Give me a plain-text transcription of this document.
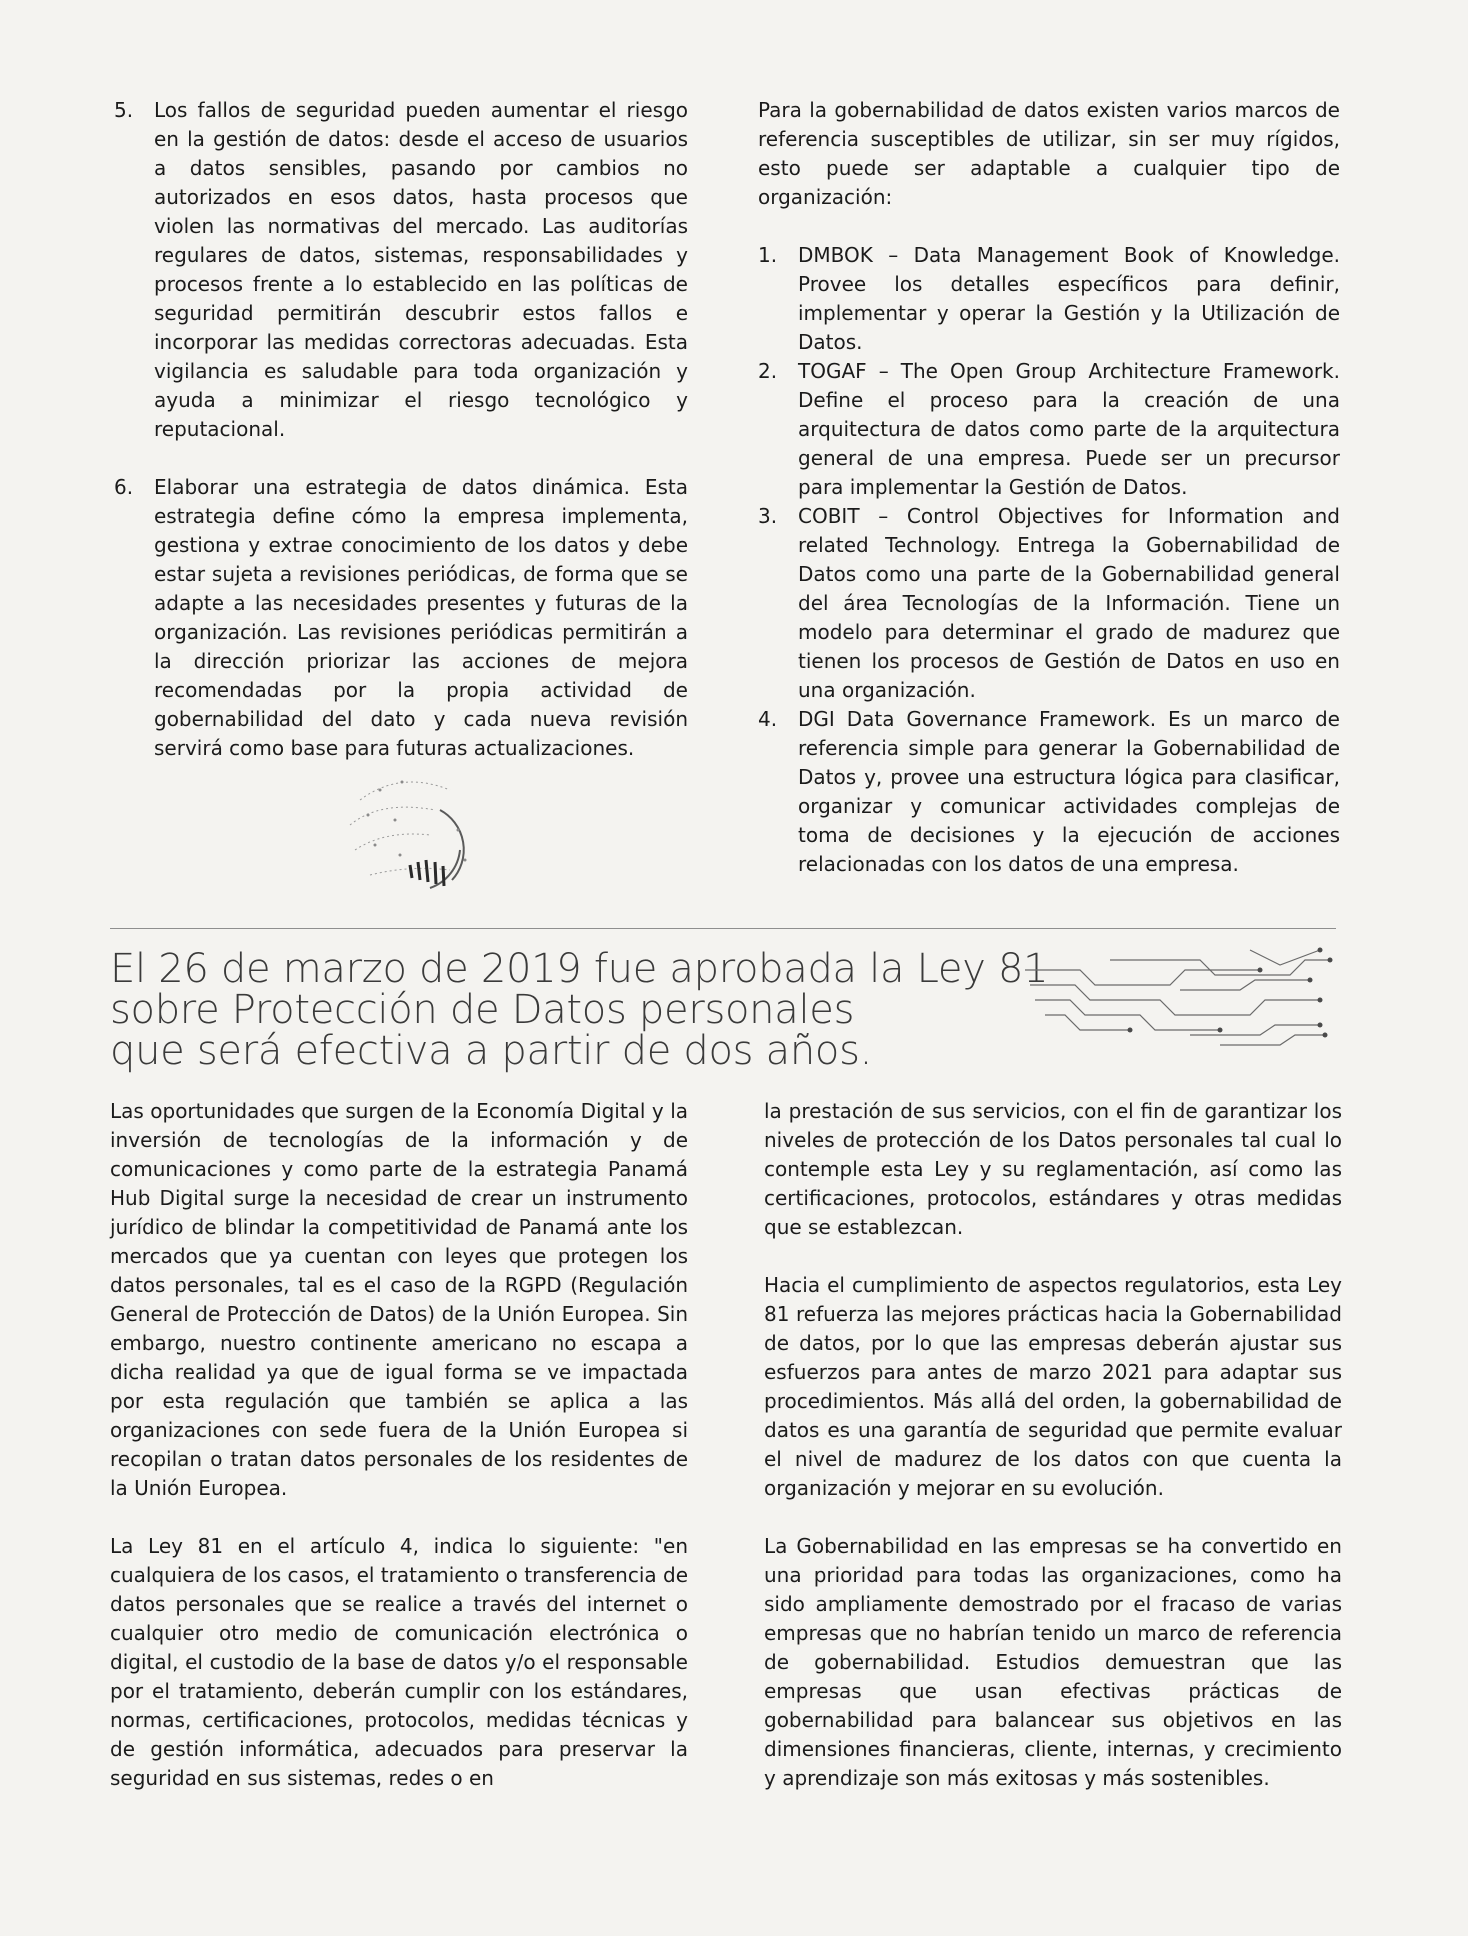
5. Los fallos de seguridad pueden aumentar el riesgo en la gestión de datos: desde el acceso de usuarios a datos sensibles, pasando por cambios no autorizados en esos datos, hasta procesos que violen las normativas del mercado. Las auditorías regulares de datos, sistemas, responsabilidades y procesos frente a lo establecido en las políticas de seguridad permitirán descubrir estos fallos e incorporar las medidas correctoras adecuadas. Esta vigilancia es saludable para toda organización y ayuda a minimizar el riesgo tecnológico y reputacional.
6. Elaborar una estrategia de datos dinámica. Esta estrategia define cómo la empresa implementa, gestiona y extrae conocimiento de los datos y debe estar sujeta a revisiones periódicas, de forma que se adapte a las necesidades presentes y futuras de la organización. Las revisiones periódicas permitirán a la dirección priorizar las acciones de mejora recomendadas por la propia actividad de gobernabilidad del dato y cada nueva revisión servirá como base para futuras actualizaciones.
Para la gobernabilidad de datos existen varios marcos de referencia susceptibles de utilizar, sin ser muy rígidos, esto puede ser adaptable a cualquier tipo de organización:
1. DMBOK – Data Management Book of Knowledge. Provee los detalles específicos para definir, implementar y operar la Gestión y la Utilización de Datos.
2. TOGAF – The Open Group Architecture Framework. Define el proceso para la creación de una arquitectura de datos como parte de la arquitectura general de una empresa. Puede ser un precursor para implementar la Gestión de Datos.
3. COBIT – Control Objectives for Information and related Technology. Entrega la Gobernabilidad de Datos como una parte de la Gobernabilidad general del área Tecnologías de la Información. Tiene un modelo para determinar el grado de madurez que tienen los procesos de Gestión de Datos en uso en una organización.
4. DGI Data Governance Framework. Es un marco de referencia simple para generar la Gobernabilidad de Datos y, provee una estructura lógica para clasificar, organizar y comunicar actividades complejas de toma de decisiones y la ejecución de acciones relacionadas con los datos de una empresa.
El 26 de marzo de 2019 fue aprobada la Ley 81
sobre Protección de Datos personales
que será efectiva a partir de dos años.
Las oportunidades que surgen de la Economía Digital y la inversión de tecnologías de la información y de comunicaciones y como parte de la estrategia Panamá Hub Digital surge la necesidad de crear un instrumento jurídico de blindar la competitividad de Panamá ante los mercados que ya cuentan con leyes que protegen los datos personales, tal es el caso de la RGPD (Regulación General de Protección de Datos) de la Unión Europea. Sin embargo, nuestro continente americano no escapa a dicha realidad ya que de igual forma se ve impactada por esta regulación que también se aplica a las organizaciones con sede fuera de la Unión Europea si recopilan o tratan datos personales de los residentes de la Unión Europea.
La Ley 81 en el artículo 4, indica lo siguiente: "en cualquiera de los casos, el tratamiento o transferencia de datos personales que se realice a través del internet o cualquier otro medio de comunicación electrónica o digital, el custodio de la base de datos y/o el responsable por el tratamiento, deberán cumplir con los estándares, normas, certificaciones, protocolos, medidas técnicas y de gestión informática, adecuados para preservar la seguridad en sus sistemas, redes o en
la prestación de sus servicios, con el fin de garantizar los niveles de protección de los Datos personales tal cual lo contemple esta Ley y su reglamentación, así como las certificaciones, protocolos, estándares y otras medidas que se establezcan.
Hacia el cumplimiento de aspectos regulatorios, esta Ley 81 refuerza las mejores prácticas hacia la Gobernabilidad de datos, por lo que las empresas deberán ajustar sus esfuerzos para antes de marzo 2021 para adaptar sus procedimientos. Más allá del orden, la gobernabilidad de datos es una garantía de seguridad que permite evaluar el nivel de madurez de los datos con que cuenta la organización y mejorar en su evolución.
La Gobernabilidad en las empresas se ha convertido en una prioridad para todas las organizaciones, como ha sido ampliamente demostrado por el fracaso de varias empresas que no habrían tenido un marco de referencia de gobernabilidad. Estudios demuestran que las empresas que usan efectivas prácticas de gobernabilidad para balancear sus objetivos en las dimensiones financieras, cliente, internas, y crecimiento y aprendizaje son más exitosas y más sostenibles.
